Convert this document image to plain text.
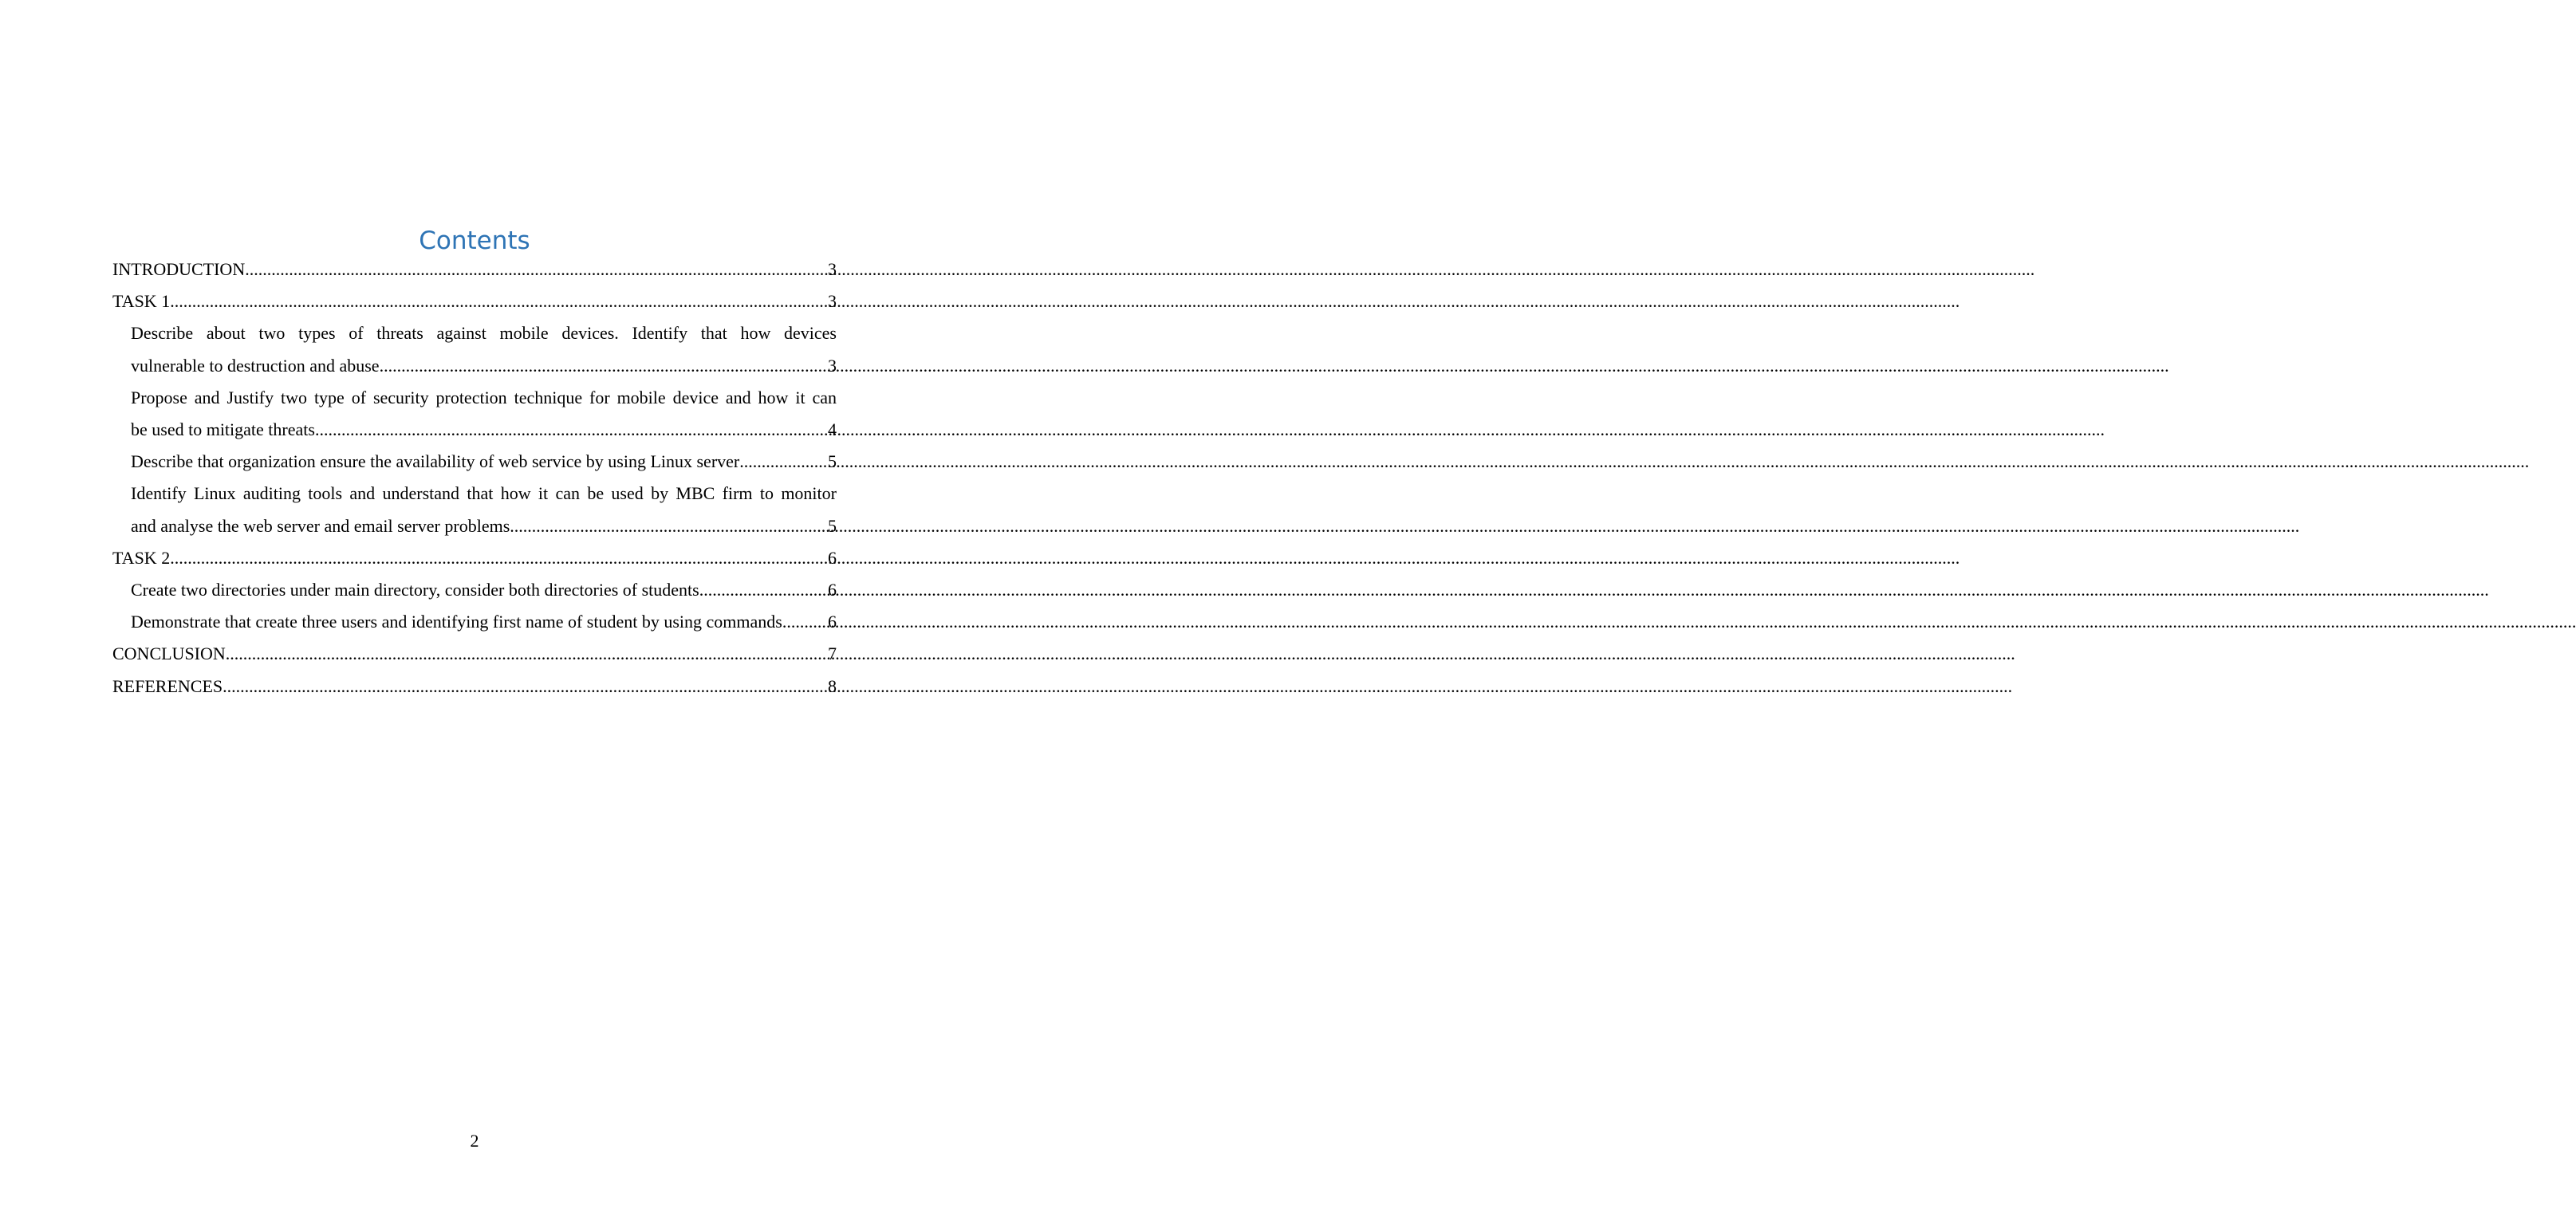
Contents
INTRODUCTION .....	3
TASK 1 .....	3
Describe about two types of threats against mobile devices. Identify that how devices
vulnerable to destruction and abuse .....	3
Propose and Justify two type of security protection technique for mobile device and how it can
be used to mitigate threats .....	4
Describe that organization ensure the availability of web service by using Linux server .....	5
Identify Linux auditing tools and understand that how it can be used by MBC firm to monitor
and analyse the web server and email server problems .....	5
TASK 2 .....	6
Create two directories under main directory, consider both directories of students .....	6
Demonstrate that create three users and identifying first name of student by using commands. ..... 6
CONCLUSION .....	7
REFERENCES .....	8
2
